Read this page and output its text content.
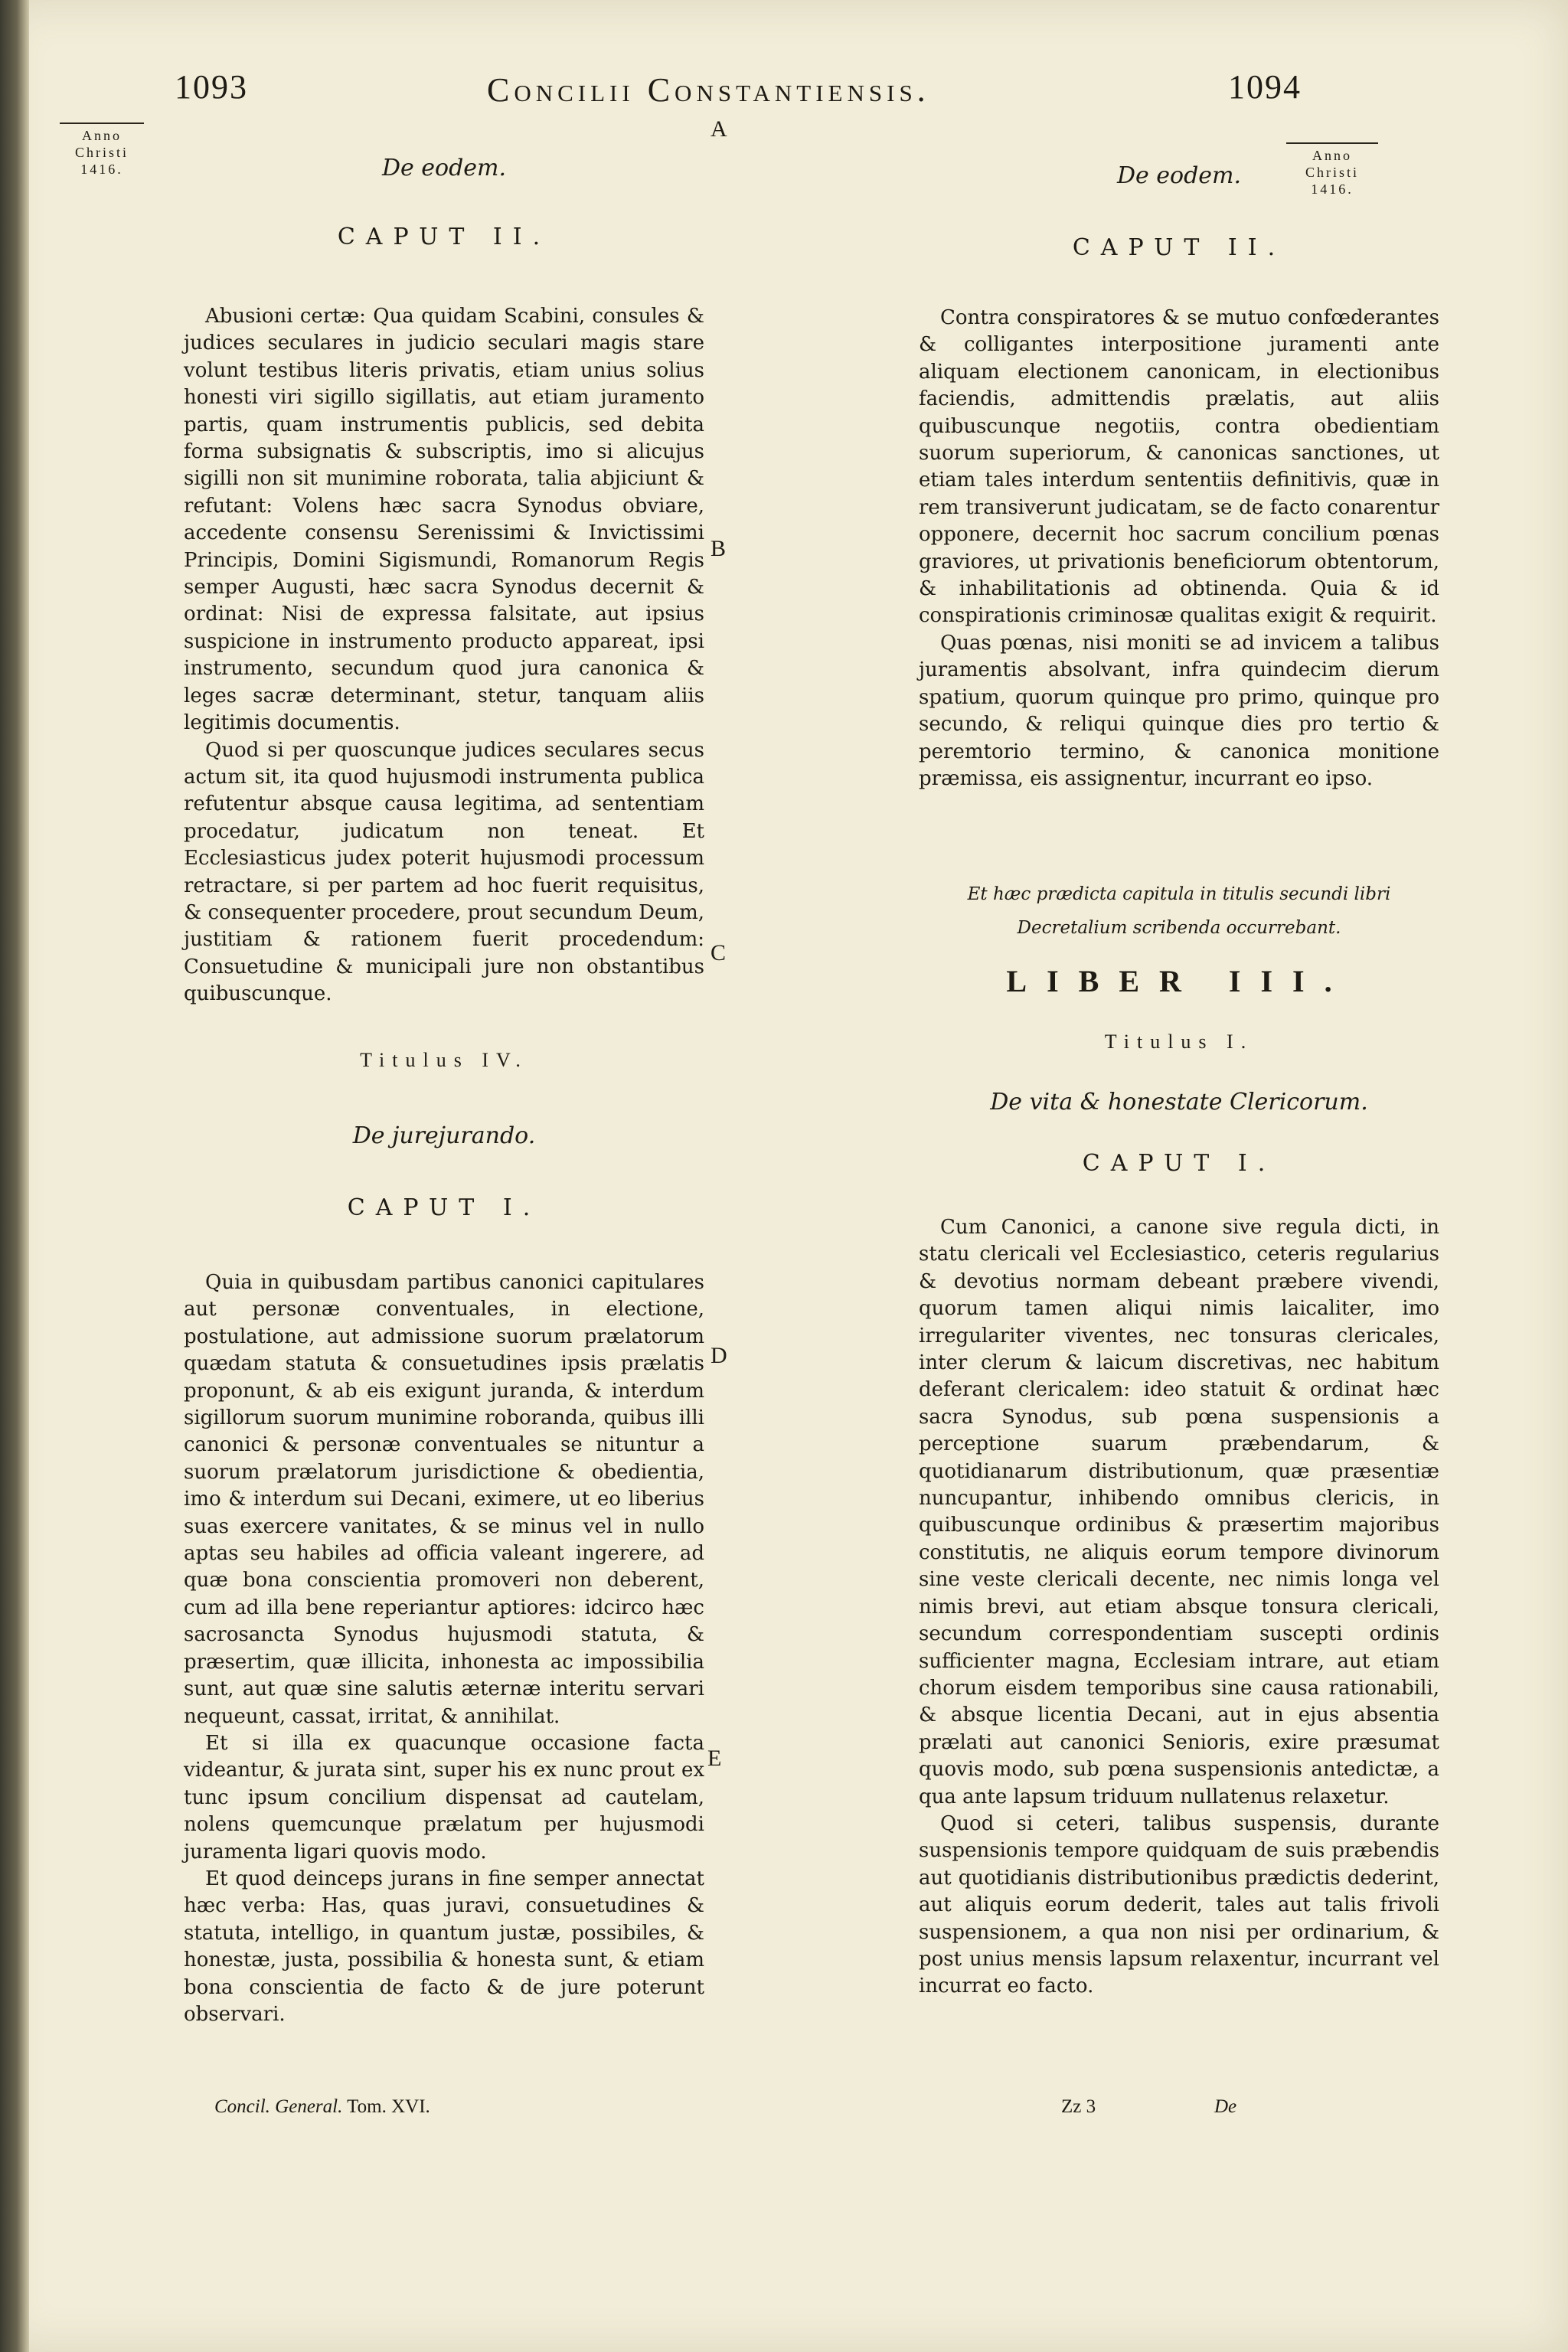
1093	Concilii Constantiensis.	1094
Anno
Christi
1416.
Anno
Christi
1416.
A
B
C
D
E
De eodem.
CAPUT II.

Abusioni certæ: Qua quidam Scabini, consules & judices seculares in judicio seculari magis stare volunt testibus literis privatis, etiam unius solius honesti viri sigillo sigillatis, aut etiam juramento partis, quam instrumentis publicis, sed debita forma subsignatis & subscriptis, imo si alicujus sigilli non sit munimine roborata, talia abjiciunt & refutant: Volens hæc sacra Synodus obviare, accedente consensu Serenissimi & Invictissimi Principis, Domini Sigismundi, Romanorum Regis semper Augusti, hæc sacra Synodus decernit & ordinat: Nisi de expressa falsitate, aut ipsius suspicione in instrumento producto appareat, ipsi instrumento, secundum quod jura canonica & leges sacræ determinant, stetur, tanquam aliis legitimis documentis.

Quod si per quoscunque judices seculares secus actum sit, ita quod hujusmodi instrumenta publica refutentur absque causa legitima, ad sententiam procedatur, judicatum non teneat. Et Ecclesiasticus judex poterit hujusmodi processum retractare, si per partem ad hoc fuerit requisitus, & consequenter procedere, prout secundum Deum, justitiam & rationem fuerit procedendum: Consuetudine & municipali jure non obstantibus quibuscunque.

Titulus IV.
De jurejurando.
CAPUT I.

Quia in quibusdam partibus canonici capitulares aut personæ conventuales, in electione, postulatione, aut admissione suorum prælatorum quædam statuta & consuetudines ipsis prælatis proponunt, & ab eis exigunt juranda, & interdum sigillorum suorum munimine roboranda, quibus illi canonici & personæ conventuales se nituntur a suorum prælatorum jurisdictione & obedientia, imo & interdum sui Decani, eximere, ut eo liberius suas exercere vanitates, & se minus vel in nullo aptas seu habiles ad officia valeant ingerere, ad quæ bona conscientia promoveri non deberent, cum ad illa bene reperiantur aptiores: idcirco hæc sacrosancta Synodus hujusmodi statuta, & præsertim, quæ illicita, inhonesta ac impossibilia sunt, aut quæ sine salutis æternæ interitu servari nequeunt, cassat, irritat, & annihilat.

Et si illa ex quacunque occasione facta videantur, & jurata sint, super his ex nunc prout ex tunc ipsum concilium dispensat ad cautelam, nolens quemcunque prælatum per hujusmodi juramenta ligari quovis modo.

Et quod deinceps jurans in fine semper annectat hæc verba: Has, quas juravi, consuetudines & statuta, intelligo, in quantum justæ, possibiles, & honestæ, justa, possibilia & honesta sunt, & etiam bona conscientia de facto & de jure poterunt observari.

De eodem.
CAPUT II.

Contra conspiratores & se mutuo confœderantes & colligantes interpositione juramenti ante aliquam electionem canonicam, in electionibus faciendis, admittendis prælatis, aut aliis quibuscunque negotiis, contra obedientiam suorum superiorum, & canonicas sanctiones, ut etiam tales interdum sententiis definitivis, quæ in rem transiverunt judicatam, se de facto conarentur opponere, decernit hoc sacrum concilium pœnas graviores, ut privationis beneficiorum obtentorum, & inhabilitationis ad obtinenda. Quia & id conspirationis criminosæ qualitas exigit & requirit.

Quas pœnas, nisi moniti se ad invicem a talibus juramentis absolvant, infra quindecim dierum spatium, quorum quinque pro primo, quinque pro secundo, & reliqui quinque dies pro tertio & peremtorio termino, & canonica monitione præmissa, eis assignentur, incurrant eo ipso.

Et hæc prædicta capitula in titulis secundi libri Decretalium scribenda occurrebant.
LIBER III.
Titulus I.
De vita & honestate Clericorum.
CAPUT I.

Cum Canonici, a canone sive regula dicti, in statu clericali vel Ecclesiastico, ceteris regularius & devotius normam debeant præbere vivendi, quorum tamen aliqui nimis laicaliter, imo irregulariter viventes, nec tonsuras clericales, inter clerum & laicum discretivas, nec habitum deferant clericalem: ideo statuit & ordinat hæc sacra Synodus, sub pœna suspensionis a perceptione suarum præbendarum, & quotidianarum distributionum, quæ præsentiæ nuncupantur, inhibendo omnibus clericis, in quibuscunque ordinibus & præsertim majoribus constitutis, ne aliquis eorum tempore divinorum sine veste clericali decente, nec nimis longa vel nimis brevi, aut etiam absque tonsura clericali, secundum correspondentiam suscepti ordinis sufficienter magna, Ecclesiam intrare, aut etiam chorum eisdem temporibus sine causa rationabili, & absque licentia Decani, aut in ejus absentia prælati aut canonici Senioris, exire præsumat quovis modo, sub pœna suspensionis antedictæ, a qua ante lapsum triduum nullatenus relaxetur.

Quod si ceteri, talibus suspensis, durante suspensionis tempore quidquam de suis præbendis aut quotidianis distributionibus prædictis dederint, aut aliquis eorum dederit, tales aut talis frivoli suspensionem, a qua non nisi per ordinarium, & post unius mensis lapsum relaxentur, incurrant vel incurrat eo facto.

Concil. General. Tom. XVI.	Zz 3	De
